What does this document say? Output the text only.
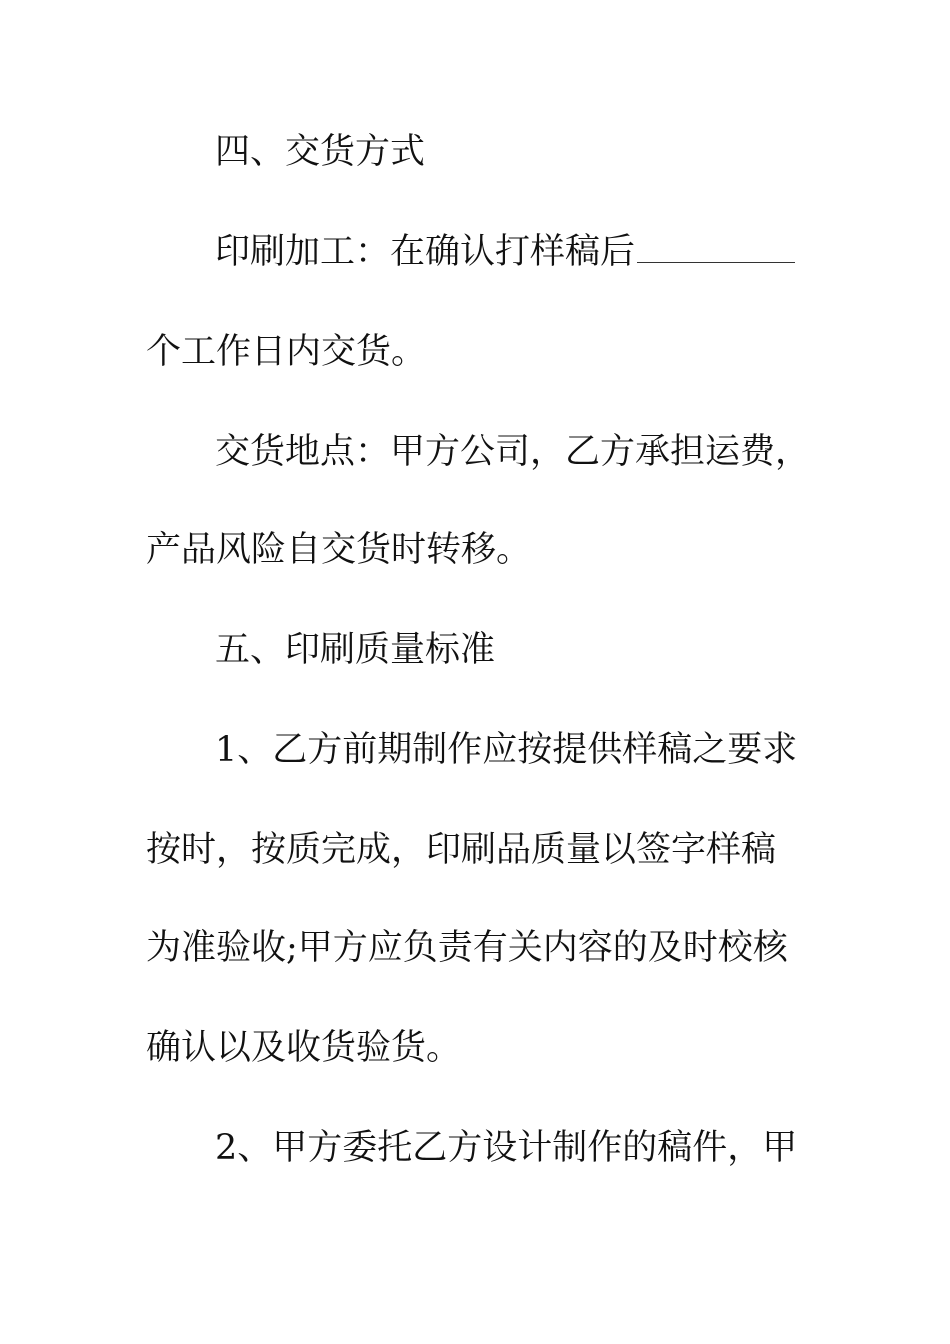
四、交货方式
印刷加工：在确认打样稿后
个工作日内交货。
交货地点：甲方公司，乙方承担运费，
产品风险自交货时转移。
五、印刷质量标准
1、乙方前期制作应按提供样稿之要求
按时，按质完成，印刷品质量以签字样稿
为准验收;甲方应负责有关内容的及时校核
确认以及收货验货。
2、甲方委托乙方设计制作的稿件，甲
